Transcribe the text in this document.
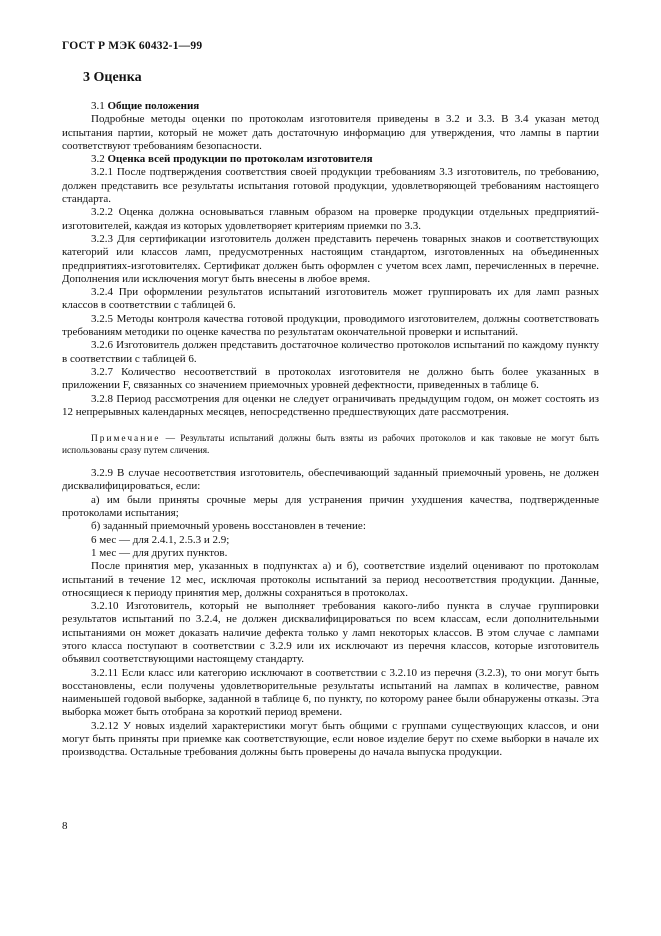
ГОСТ Р МЭК 60432-1—99
3 Оценка

3.1 Общие положения

Подробные методы оценки по протоколам изготовителя приведены в 3.2 и 3.3. В 3.4 указан метод испытания партии, который не может дать достаточную информацию для утверждения, что лампы в партии соответствуют требованиям безопасности.

3.2 Оценка всей продукции по протоколам изготовителя

3.2.1 После подтверждения соответствия своей продукции требованиям 3.3 изготовитель, по требованию, должен представить все результаты испытания готовой продукции, удовлетворяющей требованиям настоящего стандарта.

3.2.2 Оценка должна основываться главным образом на проверке продукции отдельных предприятий-изготовителей, каждая из которых удовлетворяет критериям приемки по 3.3.

3.2.3 Для сертификации изготовитель должен представить перечень товарных знаков и соответствующих категорий или классов ламп, предусмотренных настоящим стандартом, изготовленных на объединенных предприятиях-изготовителях. Сертификат должен быть оформлен с учетом всех ламп, перечисленных в перечне. Дополнения или исключения могут быть внесены в любое время.

3.2.4 При оформлении результатов испытаний изготовитель может группировать их для ламп разных классов в соответствии с таблицей 6.

3.2.5 Методы контроля качества готовой продукции, проводимого изготовителем, должны соответствовать требованиям методики по оценке качества по результатам окончательной проверки и испытаний.

3.2.6 Изготовитель должен представить достаточное количество протоколов испытаний по каждому пункту в соответствии с таблицей 6.

3.2.7 Количество несоответствий в протоколах изготовителя не должно быть более указанных в приложении F, связанных со значением приемочных уровней дефектности, приведенных в таблице 6.

3.2.8 Период рассмотрения для оценки не следует ограничивать предыдущим годом, он может состоять из 12 непрерывных календарных месяцев, непосредственно предшествующих дате рассмотрения.

Примечание — Результаты испытаний должны быть взяты из рабочих протоколов и как таковые не могут быть использованы сразу путем сличения.

3.2.9 В случае несоответствия изготовитель, обеспечивающий заданный приемочный уровень, не должен дисквалифицироваться, если:

а) им были приняты срочные меры для устранения причин ухудшения качества, подтвержденные протоколами испытания;

б) заданный приемочный уровень восстановлен в течение:

6 мес — для 2.4.1, 2.5.3 и 2.9;

1 мес — для других пунктов.

После принятия мер, указанных в подпунктах а) и б), соответствие изделий оценивают по протоколам испытаний в течение 12 мес, исключая протоколы испытаний за период несоответствия продукции. Данные, относящиеся к периоду принятия мер, должны сохраняться в протоколах.

3.2.10 Изготовитель, который не выполняет требования какого-либо пункта в случае группировки результатов испытаний по 3.2.4, не должен дисквалифицироваться по всем классам, если дополнительными испытаниями он может доказать наличие дефекта только у ламп некоторых классов. В этом случае с лампами этого класса поступают в соответствии с 3.2.9 или их исключают из перечня классов, которые изготовитель объявил соответствующими настоящему стандарту.

3.2.11 Если класс или категорию исключают в соответствии с 3.2.10 из перечня (3.2.3), то они могут быть восстановлены, если получены удовлетворительные результаты испытаний на лампах в количестве, равном наименьшей годовой выборке, заданной в таблице 6, по пункту, по которому ранее были обнаружены отказы. Эта выборка может быть отобрана за короткий период времени.

3.2.12 У новых изделий характеристики могут быть общими с группами существующих классов, и они могут быть приняты при приемке как соответствующие, если новое изделие берут по схеме выборки в начале их производства. Остальные требования должны быть проверены до начала выпуска продукции.

8
